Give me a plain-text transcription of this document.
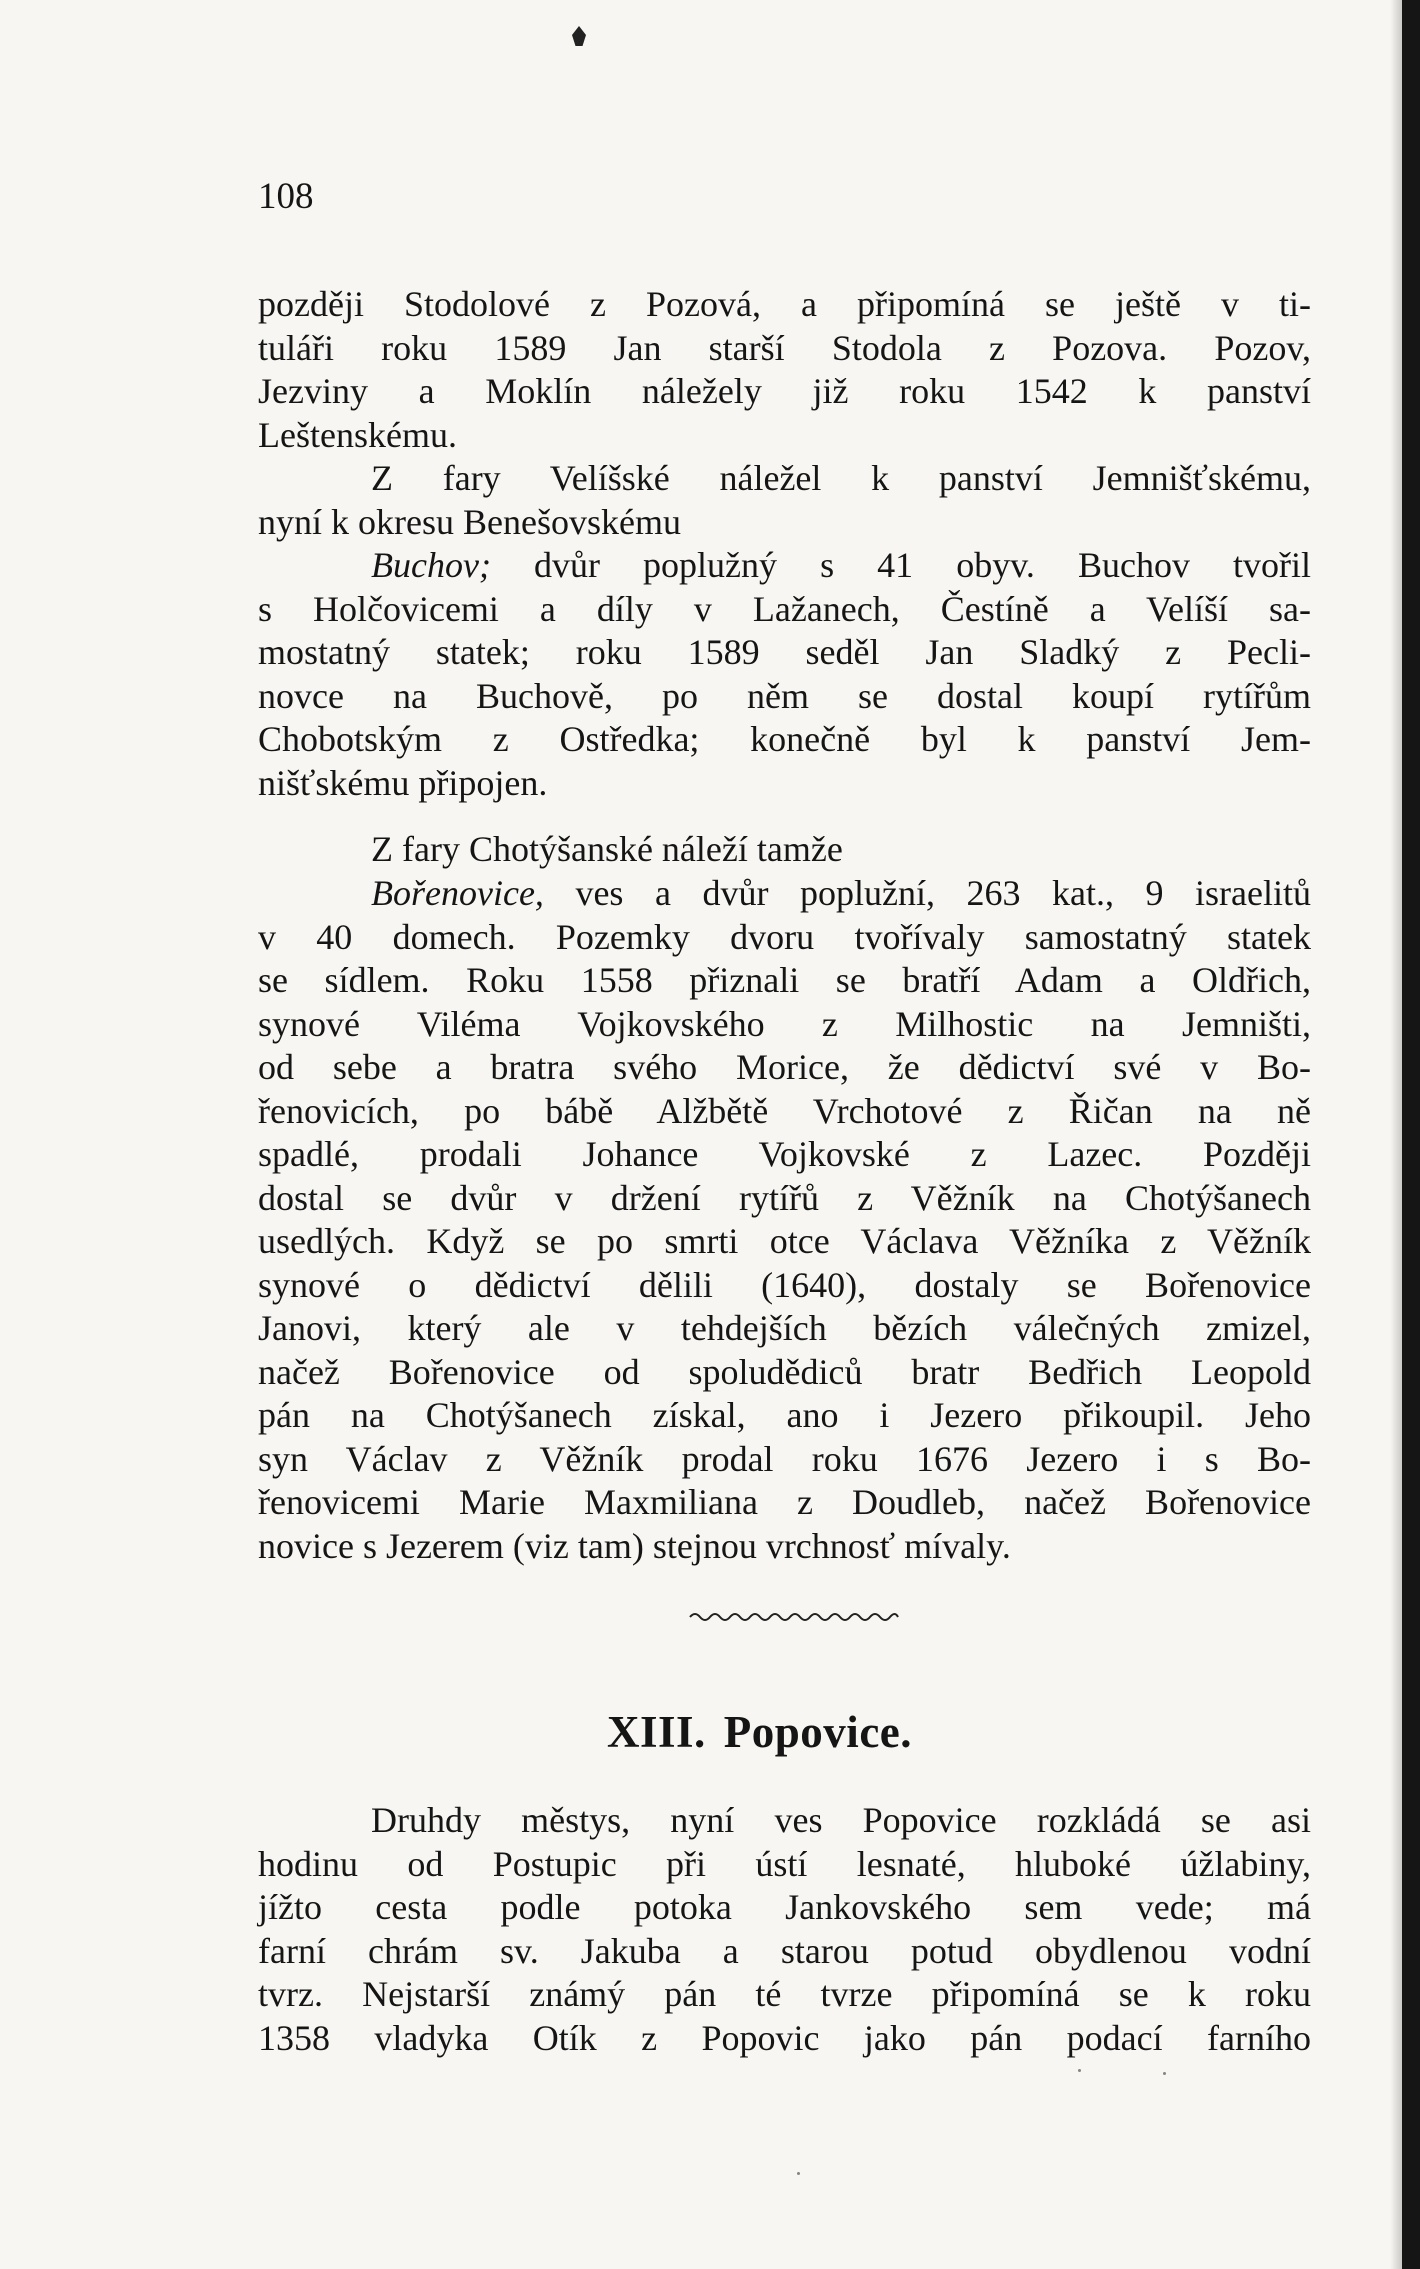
108
později Stodolové z Pozová, a připomíná se ještě v ti-
tuláři roku 1589 Jan starší Stodola z Pozova. Pozov,
Jezviny a Moklín náležely již roku 1542 k panství
Leštenskému.
Z fary Velíšské náležel k panství Jemnišťskému,
nyní k okresu Benešovskému
Buchov; dvůr poplužný s 41 obyv. Buchov tvořil
s Holčovicemi a díly v Lažanech, Čestíně a Velíší sa-
mostatný statek; roku 1589 seděl Jan Sladký z Pecli-
novce na Buchově, po něm se dostal koupí rytířům
Chobotským z Ostředka; konečně byl k panství Jem-
nišťskému připojen.
Z fary Chotýšanské náleží tamže
Bořenovice, ves a dvůr poplužní, 263 kat., 9 israelitů
v 40 domech. Pozemky dvoru tvořívaly samostatný statek
se sídlem. Roku 1558 přiznali se bratří Adam a Oldřich,
synové Viléma Vojkovského z Milhostic na Jemništi,
od sebe a bratra svého Morice, že dědictví své v Bo-
řenovicích, po bábě Alžbětě Vrchotové z Řičan na ně
spadlé, prodali Johance Vojkovské z Lazec. Později
dostal se dvůr v držení rytířů z Věžník na Chotýšanech
usedlých. Když se po smrti otce Václava Věžníka z Věžník
synové o dědictví dělili (1640), dostaly se Bořenovice
Janovi, který ale v tehdejších bězích válečných zmizel,
načež Bořenovice od spoludědiců bratr Bedřich Leopold
pán na Chotýšanech získal, ano i Jezero přikoupil. Jeho
syn Václav z Věžník prodal roku 1676 Jezero i s Bo-
řenovicemi Marie Maxmiliana z Doudleb, načež Bořenovice
novice s Jezerem (viz tam) stejnou vrchnosť mívaly.
XIII. Popovice.
Druhdy městys, nyní ves Popovice rozkládá se asi
hodinu od Postupic při ústí lesnaté, hluboké úžlabiny,
jížto cesta podle potoka Jankovského sem vede; má
farní chrám sv. Jakuba a starou potud obydlenou vodní
tvrz. Nejstarší známý pán té tvrze připomíná se k roku
1358 vladyka Otík z Popovic jako pán podací farního
